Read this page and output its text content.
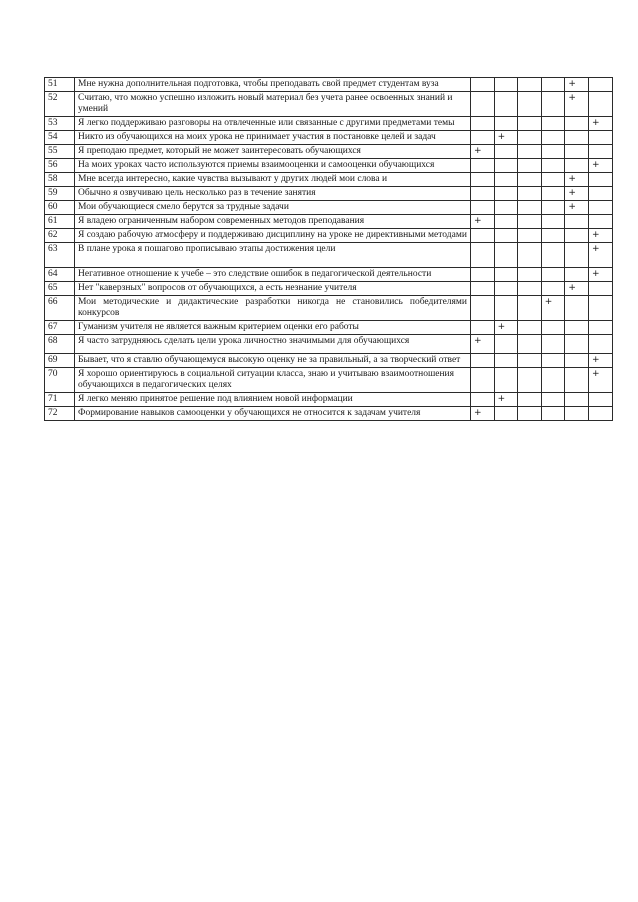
51	Мне нужна дополнительная подготовка, чтобы преподавать свой предмет студентам вуза					+	
52	Считаю, что можно успешно изложить новый материал без учета ранее освоенных знаний и умений					+	
53	Я легко поддерживаю разговоры на отвлеченные или связанные с другими предметами темы						+
54	Никто из обучающихся на моих урока не принимает участия в постановке целей и задач		+				
55	Я преподаю предмет, который не может заинтересовать обучающихся	+					
56	На моих уроках часто используются приемы взаимооценки и самооценки обучающихся						+
58	Мне всегда интересно, какие чувства вызывают у других людей мои слова и					+	
59	Обычно я озвучиваю цель несколько раз в течение занятия					+	
60	Мои обучающиеся смело берутся за трудные задачи					+	
61	Я владею ограниченным набором современных методов преподавания	+					
62	Я создаю рабочую атмосферу и поддерживаю дисциплину на уроке не директивными методами						+
63	В плане урока я пошагово прописываю этапы достижения цели						+
64	Негативное отношение к учебе – это следствие ошибок в педагогической деятельности						+
65	Нет "каверзных" вопросов от обучающихся, а есть незнание учителя					+	
66	Мои методические и дидактические разработки никогда не становились победителями конкурсов				+		
67	Гуманизм учителя не является важным критерием оценки его работы		+				
68	Я часто затрудняюсь сделать цели урока личностно значимыми для обучающихся	+					
69	Бывает, что я ставлю обучающемуся высокую оценку не за правильный, а за творческий ответ						+
70	Я хорошо ориентируюсь в социальной ситуации класса, знаю и учитываю взаимоотношения обучающихся в педагогических целях						+
71	Я легко меняю принятое решение под влиянием новой информации		+				
72	Формирование навыков самооценки у обучающихся не относится к задачам учителя	+					
